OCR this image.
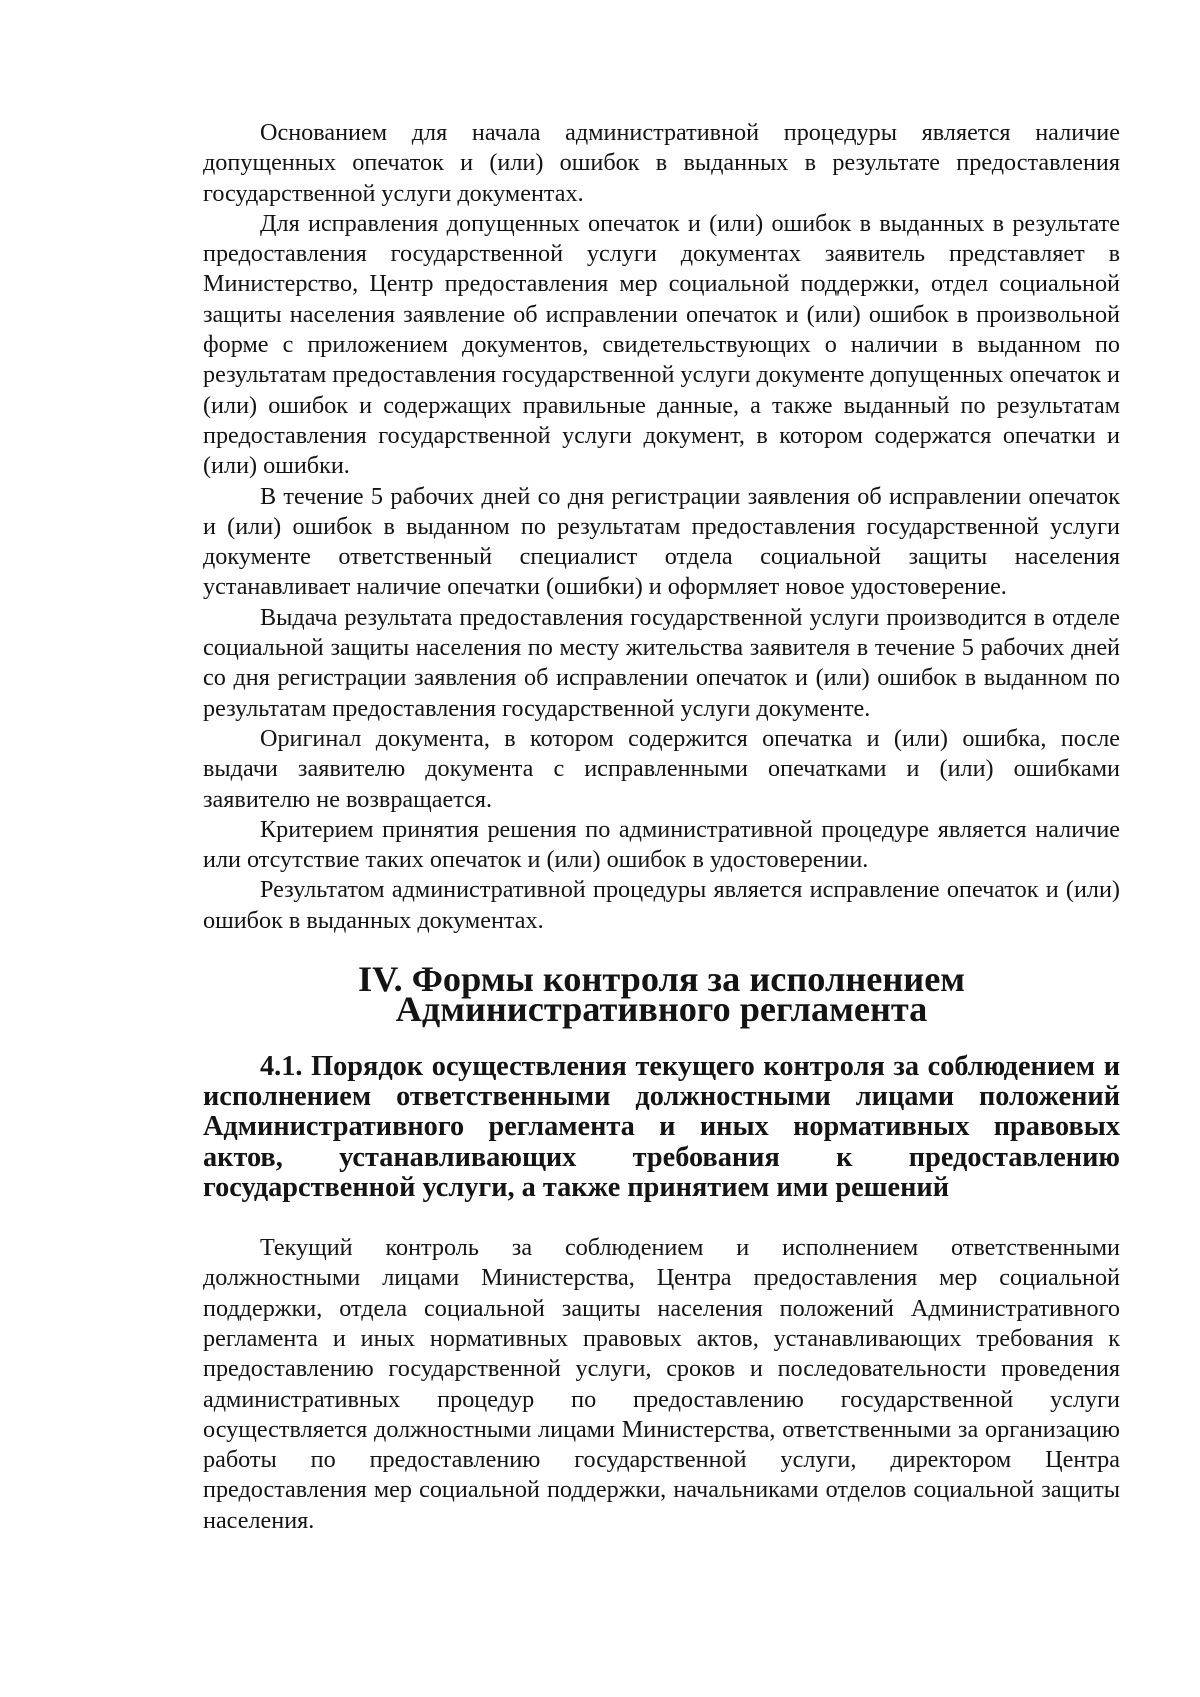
Основанием для начала административной процедуры является наличие допущенных опечаток и (или) ошибок в выданных в результате предоставления государственной услуги документах.

Для исправления допущенных опечаток и (или) ошибок в выданных в результате предоставления государственной услуги документах заявитель представляет в Министерство, Центр предоставления мер социальной поддержки, отдел социальной защиты населения заявление об исправлении опечаток и (или) ошибок в произвольной форме с приложением документов, свидетельствующих о наличии в выданном по результатам предоставления государственной услуги документе допущенных опечаток и (или) ошибок и содержащих правильные данные, а также выданный по результатам предоставления государственной услуги документ, в котором содержатся опечатки и (или) ошибки.

В течение 5 рабочих дней со дня регистрации заявления об исправлении опечаток и (или) ошибок в выданном по результатам предоставления государственной услуги документе ответственный специалист отдела социальной защиты населения устанавливает наличие опечатки (ошибки) и оформляет новое удостоверение.

Выдача результата предоставления государственной услуги производится в отделе социальной защиты населения по месту жительства заявителя в течение 5 рабочих дней со дня регистрации заявления об исправлении опечаток и (или) ошибок в выданном по результатам предоставления государственной услуги документе.

Оригинал документа, в котором содержится опечатка и (или) ошибка, после выдачи заявителю документа с исправленными опечатками и (или) ошибками заявителю не возвращается.

Критерием принятия решения по административной процедуре является наличие или отсутствие таких опечаток и (или) ошибок в удостоверении.

Результатом административной процедуры является исправление опечаток и (или) ошибок в выданных документах.

IV. Формы контроля за исполнением Административного регламента
4.1. Порядок осуществления текущего контроля за соблюдением и исполнением ответственными должностными лицами положений Административного регламента и иных нормативных правовых актов, устанавливающих требования к предоставлению государственной услуги, а также принятием ими решений

Текущий контроль за соблюдением и исполнением ответственными должностными лицами Министерства, Центра предоставления мер социальной поддержки, отдела социальной защиты населения положений Административного регламента и иных нормативных правовых актов, устанавливающих требования к предоставлению государственной услуги, сроков и последовательности проведения административных процедур по предоставлению государственной услуги осуществляется должностными лицами Министерства, ответственными за организацию работы по предоставлению государственной услуги, директором Центра предоставления мер социальной поддержки, начальниками отделов социальной защиты населения.
